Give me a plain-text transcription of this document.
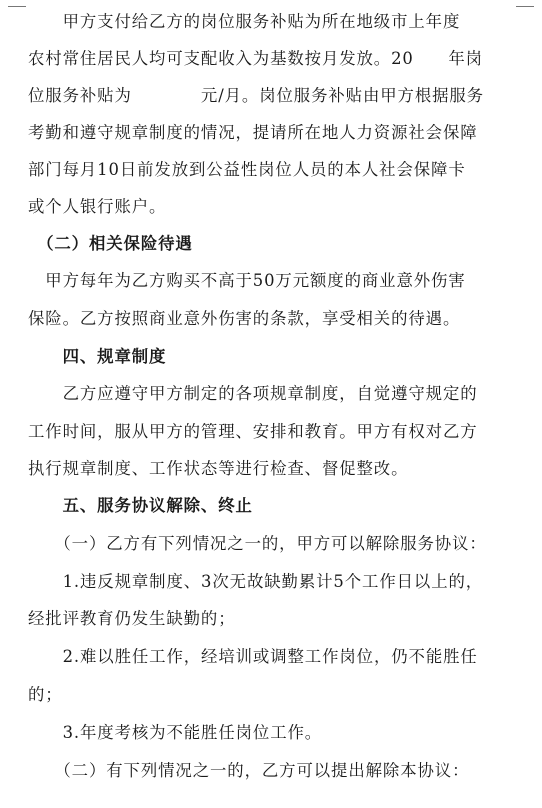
　　甲方支付给乙方的岗位服务补贴为所在地级市上年度
农村常住居民人均可支配收入为基数按月发放。20　　年岗
位服务补贴为　　　　元/月。岗位服务补贴由甲方根据服务
考勤和遵守规章制度的情况，提请所在地人力资源社会保障
部门每月10日前发放到公益性岗位人员的本人社会保障卡
或个人银行账户。
　（二）相关保险待遇
　甲方每年为乙方购买不高于50万元额度的商业意外伤害
保险。乙方按照商业意外伤害的条款，享受相关的待遇。
　　四、规章制度
　　乙方应遵守甲方制定的各项规章制度，自觉遵守规定的
工作时间，服从甲方的管理、安排和教育。甲方有权对乙方
执行规章制度、工作状态等进行检查、督促整改。
　　五、服务协议解除、终止
　　（一）乙方有下列情况之一的，甲方可以解除服务协议：
　　1.违反规章制度、3次无故缺勤累计5个工作日以上的，
经批评教育仍发生缺勤的；
　　2.难以胜任工作，经培训或调整工作岗位，仍不能胜任
的；
　　3.年度考核为不能胜任岗位工作。
　　（二）有下列情况之一的，乙方可以提出解除本协议：
